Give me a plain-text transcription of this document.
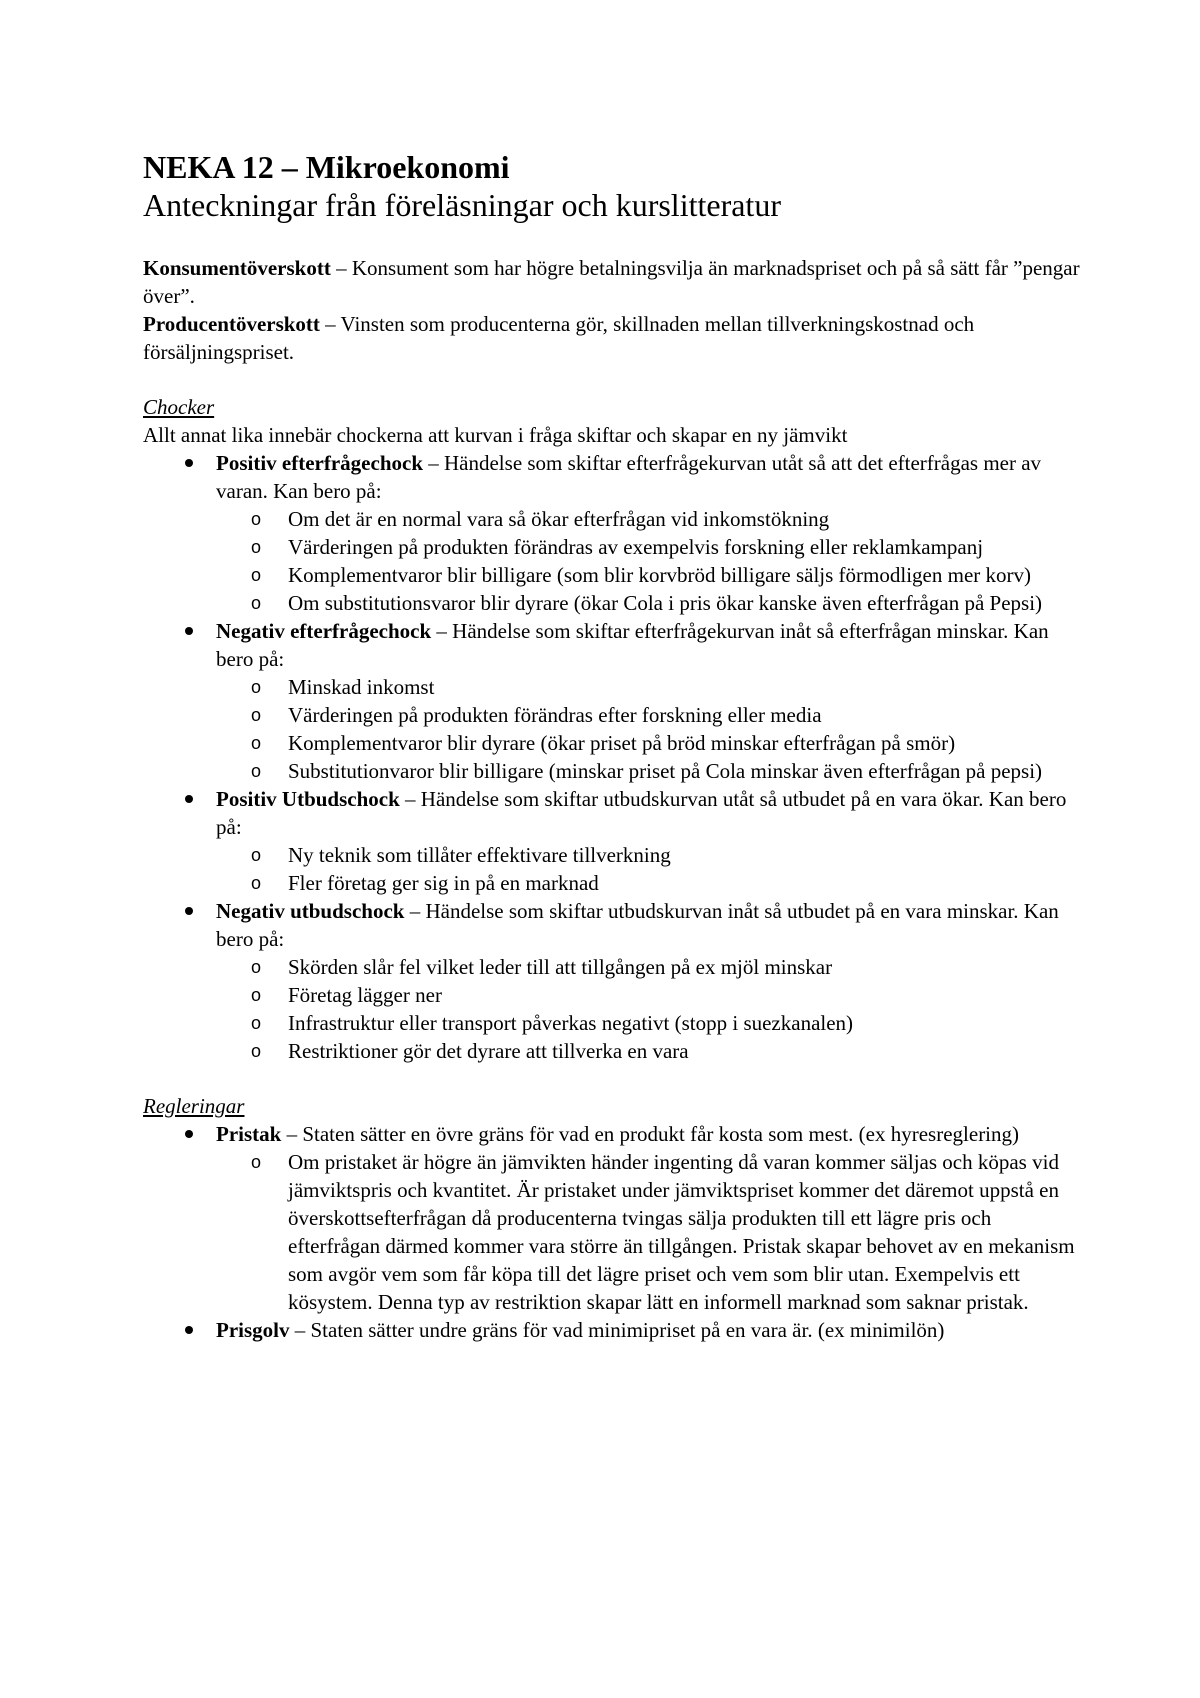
NEKA 12 – Mikroekonomi
Anteckningar från föreläsningar och kurslitteratur

Konsumentöverskott – Konsument som har högre betalningsvilja än marknadspriset och på så sätt får ”pengar över”.

Producentöverskott – Vinsten som producenterna gör, skillnaden mellan tillverkningskostnad och försäljningspriset.

Chocker

Allt annat lika innebär chockerna att kurvan i fråga skiftar och skapar en ny jämvikt

Positiv efterfrågechock – Händelse som skiftar efterfrågekurvan utåt så att det efterfrågas mer av varan. Kan bero på:
o Om det är en normal vara så ökar efterfrågan vid inkomstökning
o Värderingen på produkten förändras av exempelvis forskning eller reklamkampanj
o Komplementvaror blir billigare (som blir korvbröd billigare säljs förmodligen mer korv)
o Om substitutionsvaror blir dyrare (ökar Cola i pris ökar kanske även efterfrågan på Pepsi)
Negativ efterfrågechock – Händelse som skiftar efterfrågekurvan inåt så efterfrågan minskar. Kan bero på:
o Minskad inkomst
o Värderingen på produkten förändras efter forskning eller media
o Komplementvaror blir dyrare (ökar priset på bröd minskar efterfrågan på smör)
o Substitutionvaror blir billigare (minskar priset på Cola minskar även efterfrågan på pepsi)
Positiv Utbudschock – Händelse som skiftar utbudskurvan utåt så utbudet på en vara ökar. Kan bero på:
o Ny teknik som tillåter effektivare tillverkning
o Fler företag ger sig in på en marknad
Negativ utbudschock – Händelse som skiftar utbudskurvan inåt så utbudet på en vara minskar. Kan bero på:
o Skörden slår fel vilket leder till att tillgången på ex mjöl minskar
o Företag lägger ner
o Infrastruktur eller transport påverkas negativt (stopp i suezkanalen)
o Restriktioner gör det dyrare att tillverka en vara

Regleringar

Pristak – Staten sätter en övre gräns för vad en produkt får kosta som mest. (ex hyresreglering)
o Om pristaket är högre än jämvikten händer ingenting då varan kommer säljas och köpas vid jämviktspris och kvantitet. Är pristaket under jämviktspriset kommer det däremot uppstå en överskottsefterfrågan då producenterna tvingas sälja produkten till ett lägre pris och efterfrågan därmed kommer vara större än tillgången. Pristak skapar behovet av en mekanism som avgör vem som får köpa till det lägre priset och vem som blir utan. Exempelvis ett kösystem. Denna typ av restriktion skapar lätt en informell marknad som saknar pristak.
Prisgolv – Staten sätter undre gräns för vad minimipriset på en vara är. (ex minimilön)
